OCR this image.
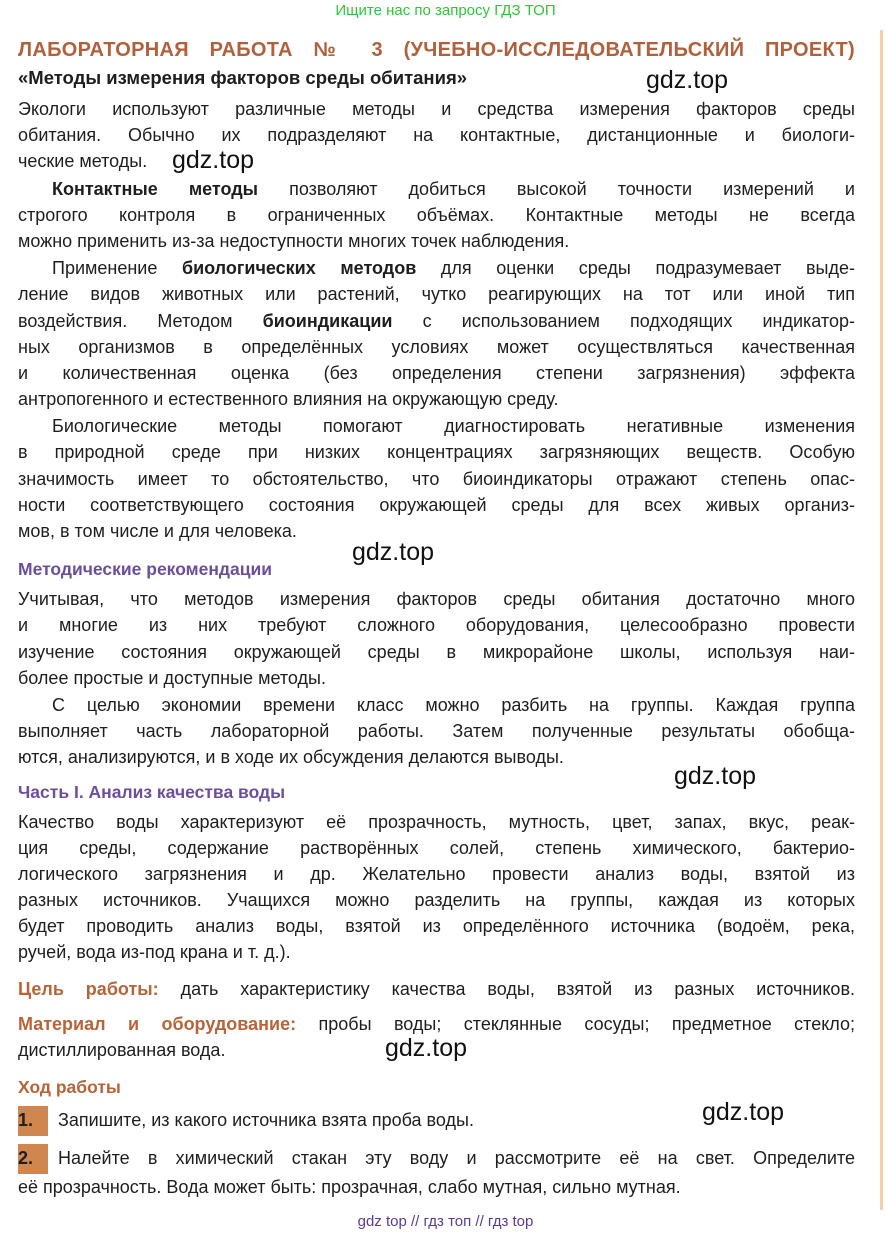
Ищите нас по запросу ГДЗ ТОП
ЛАБОРАТОРНАЯ РАБОТА № 3 (УЧЕБНО-ИССЛЕДОВАТЕЛЬСКИЙ ПРОЕКТ)
«Методы измерения факторов среды обитания»
Экологи используют различные методы и средства измерения факторов среды
обитания. Обычно их подразделяют на контактные, дистанционные и биологи-
ческие методы.
Контактные методы позволяют добиться высокой точности измерений и
строгого контроля в ограниченных объёмах. Контактные методы не всегда
можно применить из-за недоступности многих точек наблюдения.
Применение биологических методов для оценки среды подразумевает выде-
ление видов животных или растений, чутко реагирующих на тот или иной тип
воздействия. Методом биоиндикации с использованием подходящих индикатор-
ных организмов в определённых условиях может осуществляться качественная
и количественная оценка (без определения степени загрязнения) эффекта
антропогенного и естественного влияния на окружающую среду.
Биологические методы помогают диагностировать негативные изменения
в природной среде при низких концентрациях загрязняющих веществ. Особую
значимость имеет то обстоятельство, что биоиндикаторы отражают степень опас-
ности соответствующего состояния окружающей среды для всех живых организ-
мов, в том числе и для человека.
Методические рекомендации
Учитывая, что методов измерения факторов среды обитания достаточно много
и многие из них требуют сложного оборудования, целесообразно провести
изучение состояния окружающей среды в микрорайоне школы, используя наи-
более простые и доступные методы.
С целью экономии времени класс можно разбить на группы. Каждая группа
выполняет часть лабораторной работы. Затем полученные результаты обобща-
ются, анализируются, и в ходе их обсуждения делаются выводы.
Часть I. Анализ качества воды
Качество воды характеризуют её прозрачность, мутность, цвет, запах, вкус, реак-
ция среды, содержание растворённых солей, степень химического, бактерио-
логического загрязнения и др. Желательно провести анализ воды, взятой из
разных источников. Учащихся можно разделить на группы, каждая из которых
будет проводить анализ воды, взятой из определённого источника (водоём, река,
ручей, вода из-под крана и т. д.).
Цель работы: дать характеристику качества воды, взятой из разных источников.
Материал и оборудование: пробы воды; стеклянные сосуды; предметное стекло;
дистиллированная вода.
Ход работы
1. Запишите, из какого источника взята проба воды.
2. Налейте в химический стакан эту воду и рассмотрите её на свет. Определите
её прозрачность. Вода может быть: прозрачная, слабо мутная, сильно мутная.
gdz.top
gdz.top
gdz.top
gdz.top
gdz.top
gdz.top
gdz top // гдз топ // гдз top
